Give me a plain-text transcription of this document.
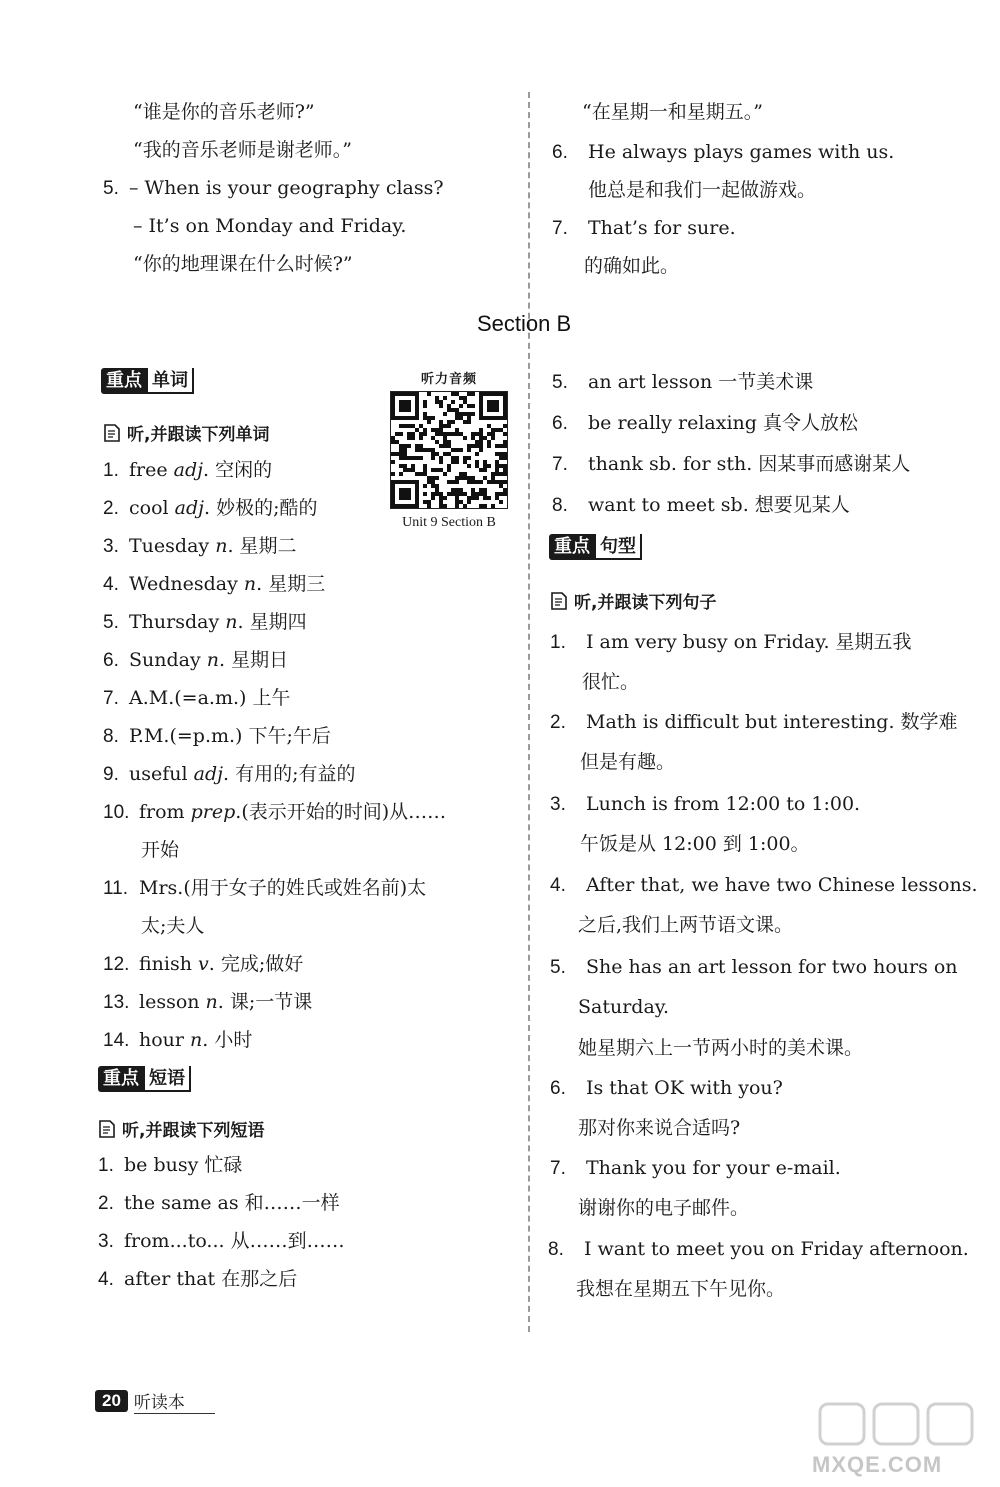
“谁是你的音乐老师?”
“我的音乐老师是谢老师。”
5. – When is your geography class?
– It’s on Monday and Friday.
“你的地理课在什么时候?”
“在星期一和星期五。”
6. He always plays games with us.
他总是和我们一起做游戏。
7. That’s for sure.
的确如此。
Section B
重点 单词
听,并跟读下列单词
1. free adj. 空闲的
2. cool adj. 妙极的;酷的
3. Tuesday n. 星期二
4. Wednesday n. 星期三
5. Thursday n. 星期四
6. Sunday n. 星期日
7. A.M.(=a.m.) 上午
8. P.M.(=p.m.) 下午;午后
9. useful adj. 有用的;有益的
10. from prep.(表示开始的时间)从……
开始
11. Mrs.(用于女子的姓氏或姓名前)太
太;夫人
12. finish v. 完成;做好
13. lesson n. 课;一节课
14. hour n. 小时
听力音频
Unit 9 Section B
重点 短语
听,并跟读下列短语
1. be busy 忙碌
2. the same as 和……一样
3. from...to... 从……到……
4. after that 在那之后
5. an art lesson 一节美术课
6. be really relaxing 真令人放松
7. thank sb. for sth. 因某事而感谢某人
8. want to meet sb. 想要见某人
重点 句型
听,并跟读下列句子
1. I am very busy on Friday. 星期五我
很忙。
2. Math is difficult but interesting. 数学难
但是有趣。
3. Lunch is from 12:00 to 1:00.
午饭是从 12:00 到 1:00。
4. After that, we have two Chinese lessons.
之后,我们上两节语文课。
5. She has an art lesson for two hours on
Saturday.
她星期六上一节两小时的美术课。
6. Is that OK with you?
那对你来说合适吗?
7. Thank you for your e-mail.
谢谢你的电子邮件。
8. I want to meet you on Friday afternoon.
我想在星期五下午见你。
20 听读本
MXQE.COM
